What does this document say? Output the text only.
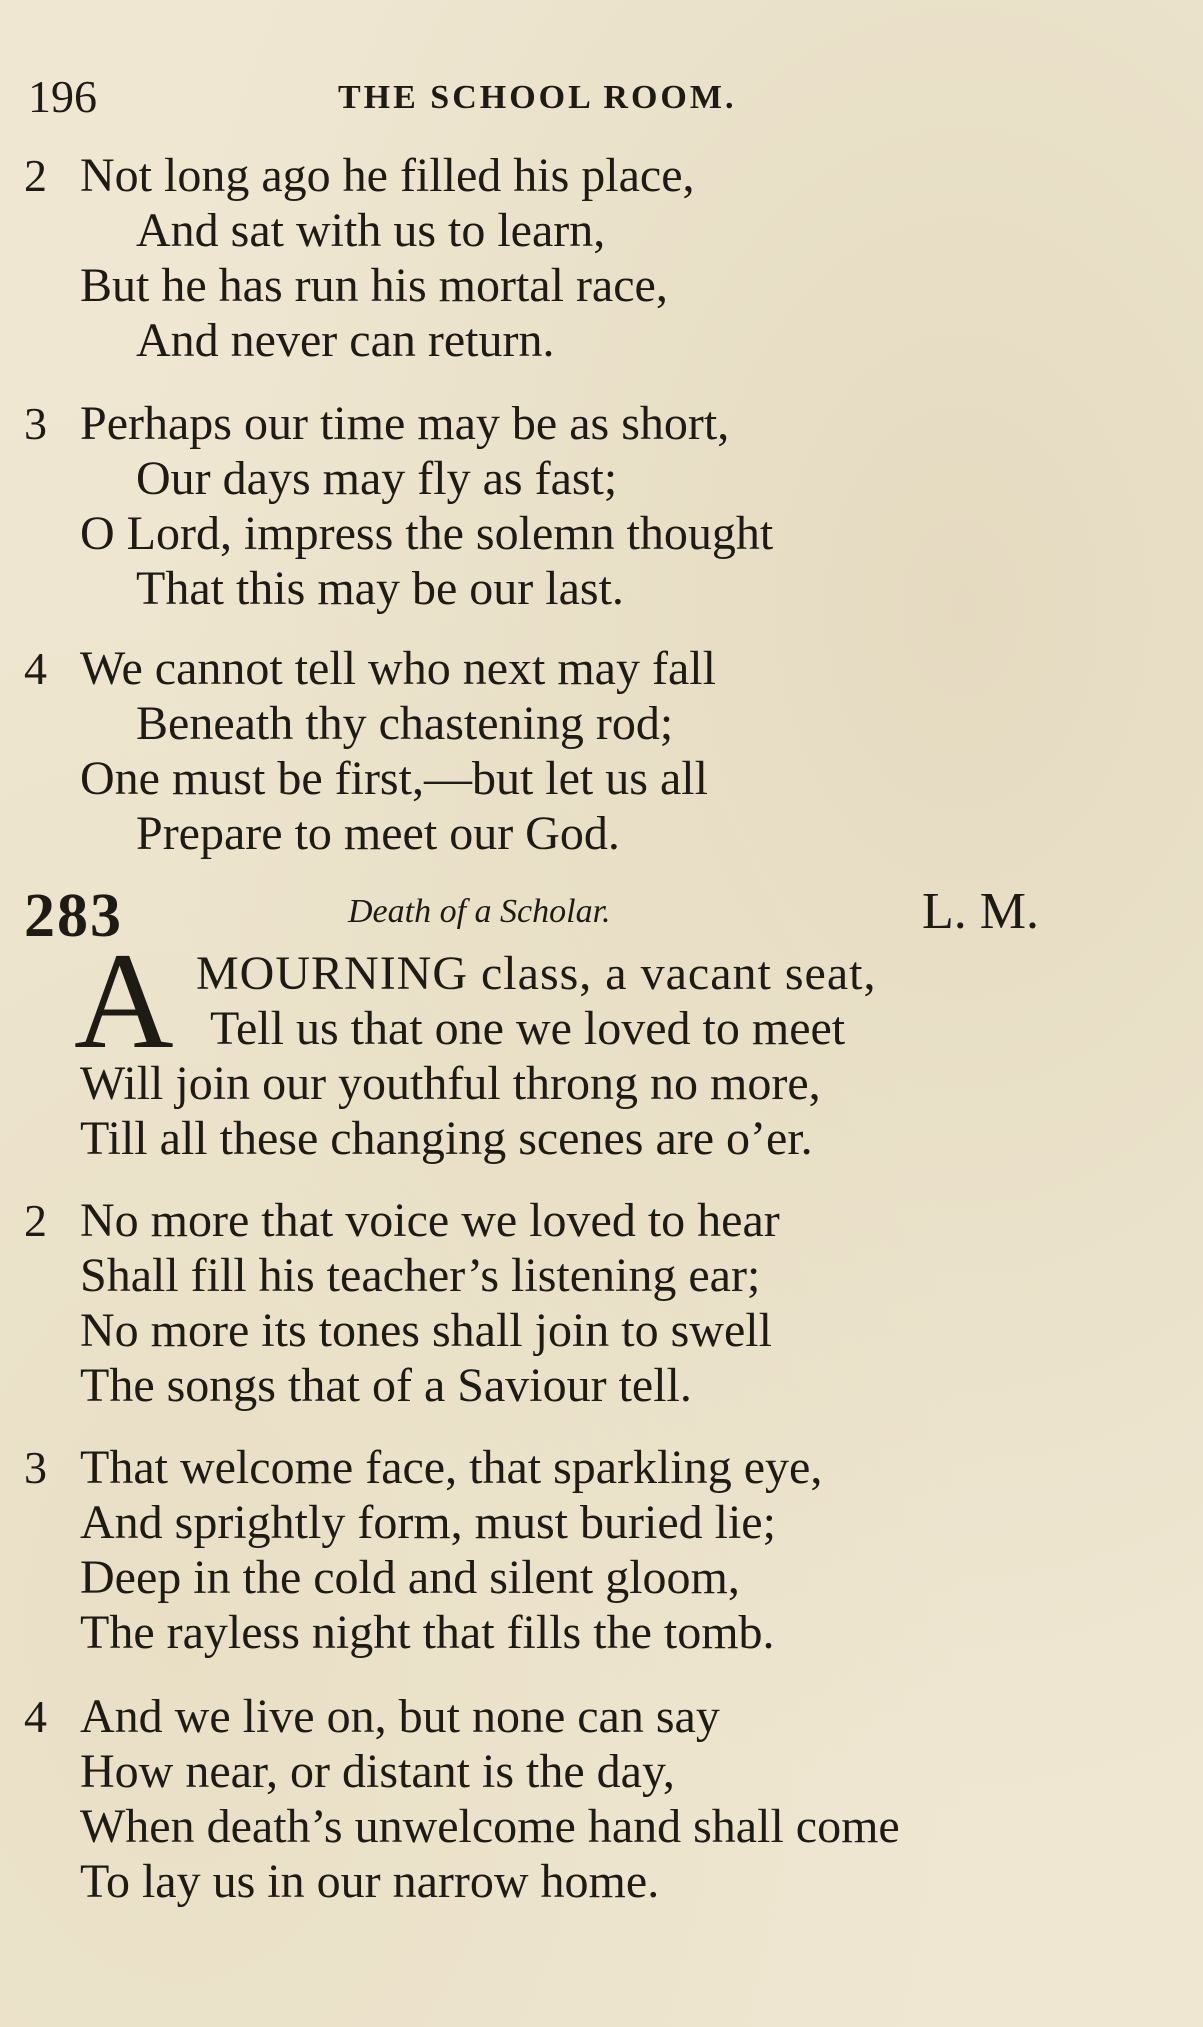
196	THE SCHOOL ROOM.
2 Not long ago he filled his place,
And sat with us to learn,
But he has run his mortal race,
And never can return.
3 Perhaps our time may be as short,
Our days may fly as fast;
O Lord, impress the solemn thought
That this may be our last.
4 We cannot tell who next may fall
Beneath thy chastening rod;
One must be first,—but let us all
Prepare to meet our God.
283	Death of a Scholar.	L. M.
A MOURNING class, a vacant seat,
Tell us that one we loved to meet
Will join our youthful throng no more,
Till all these changing scenes are o’er.
2 No more that voice we loved to hear
Shall fill his teacher’s listening ear;
No more its tones shall join to swell
The songs that of a Saviour tell.
3 That welcome face, that sparkling eye,
And sprightly form, must buried lie;
Deep in the cold and silent gloom,
The rayless night that fills the tomb.
4 And we live on, but none can say
How near, or distant is the day,
When death’s unwelcome hand shall come
To lay us in our narrow home.
